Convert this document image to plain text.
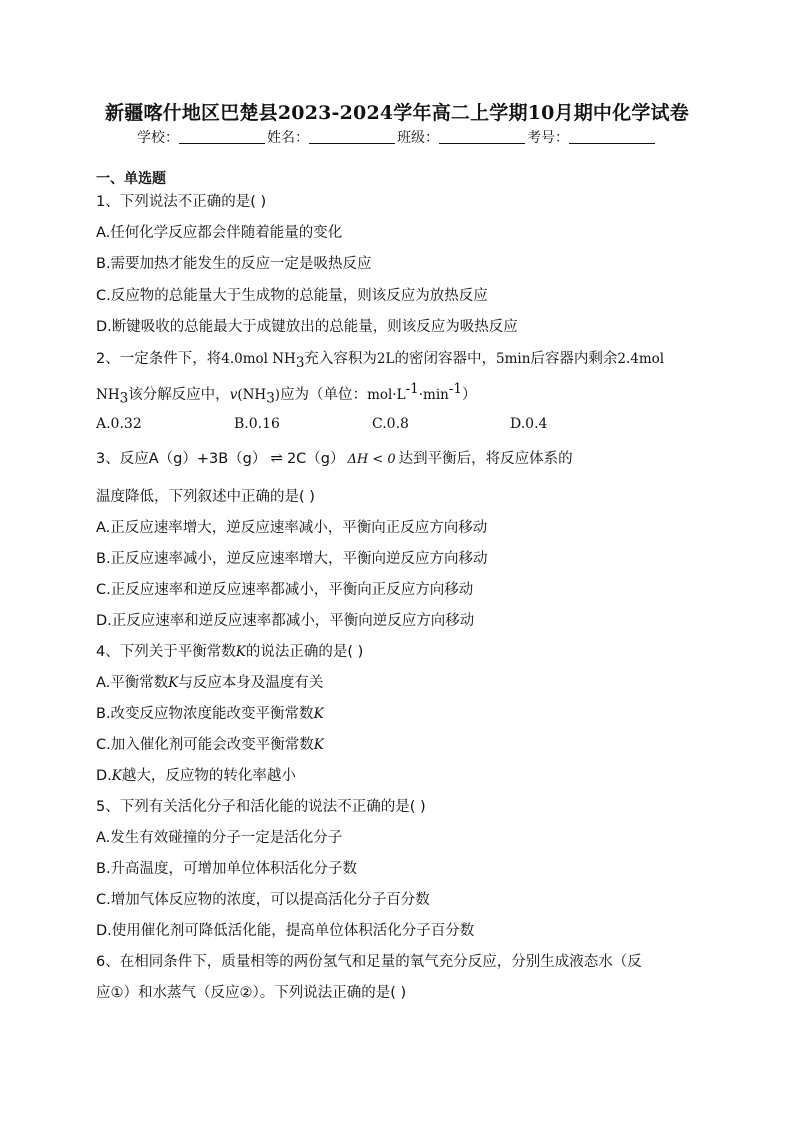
新疆喀什地区巴楚县2023-2024学年高二上学期10月期中化学试卷
学校：	姓名：	班级：	考号：
一、单选题
1、下列说法不正确的是( )
A.任何化学反应都会伴随着能量的变化
B.需要加热才能发生的反应一定是吸热反应
C.反应物的总能量大于生成物的总能量，则该反应为放热反应
D.断键吸收的总能最大于成键放出的总能量，则该反应为吸热反应
2、一定条件下，将4.0mol $NH_3$充入容积为2L的密闭容器中，5min后容器内剩余2.4mol
$NH_3$该分解反应中，$v(NH_3)$应为（单位：$mol\cdot L^{-1}\cdot\min^{-1}$）
A.0.32	B.0.16	C.0.8	D.0.4
3、反应A（g）+3B（g） ⇌ 2C（g） ΔH < 0 达到平衡后，将反应体系的
温度降低，下列叙述中正确的是( )
A.正反应速率增大，逆反应速率减小，平衡向正反应方向移动
B.正反应速率减小，逆反应速率增大，平衡向逆反应方向移动
C.正反应速率和逆反应速率都减小，平衡向正反应方向移动
D.正反应速率和逆反应速率都减小，平衡向逆反应方向移动
4、下列关于平衡常数K的说法正确的是( )
A.平衡常数K与反应本身及温度有关
B.改变反应物浓度能改变平衡常数K
C.加入催化剂可能会改变平衡常数K
D.K越大，反应物的转化率越小
5、下列有关活化分子和活化能的说法不正确的是( )
A.发生有效碰撞的分子一定是活化分子
B.升高温度，可增加单位体积活化分子数
C.增加气体反应物的浓度，可以提高活化分子百分数
D.使用催化剂可降低活化能，提高单位体积活化分子百分数
6、在相同条件下，质量相等的两份氢气和足量的氧气充分反应，分别生成液态水（反
应①）和水蒸气（反应②）。下列说法正确的是( )
